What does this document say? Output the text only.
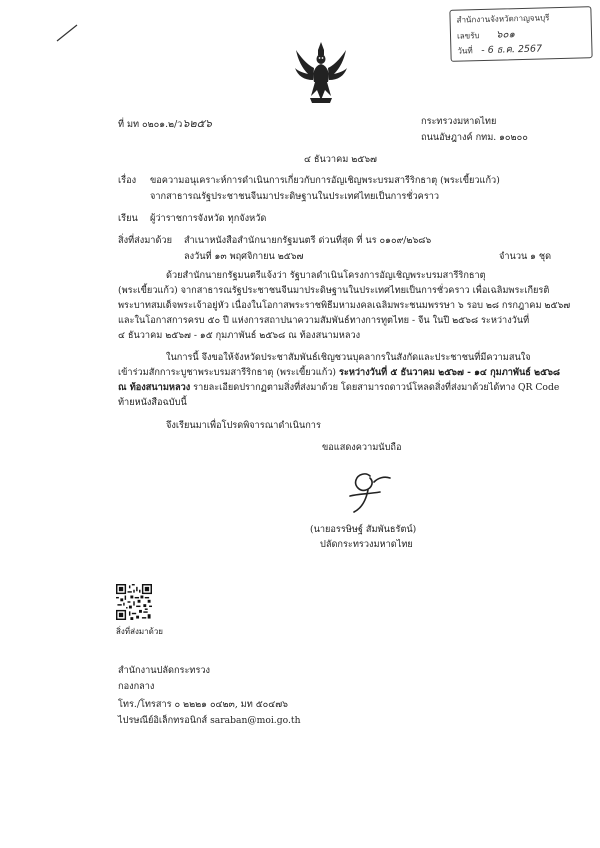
สำนักงานจังหวัดกาญจนบุรี
เลขรับ ๖๐๑
วันที่ - 6 ธ.ค. 2567
ที่ มท ๐๒๐๑.๒/ว๖๒๕๖	กระทรวงมหาดไทย
ถนนอัษฎางค์ กทม. ๑๐๒๐๐
๔ ธันวาคม ๒๕๖๗
เรื่อง ขอความอนุเคราะห์การดำเนินการเกี่ยวกับการอัญเชิญพระบรมสารีริกธาตุ (พระเขี้ยวแก้ว)
จากสาธารณรัฐประชาชนจีนมาประดิษฐานในประเทศไทยเป็นการชั่วคราว
เรียน ผู้ว่าราชการจังหวัด ทุกจังหวัด
สิ่งที่ส่งมาด้วย สำเนาหนังสือสำนักนายกรัฐมนตรี ด่วนที่สุด ที่ นร ๐๑๐๙/๒๖๘๖
ลงวันที่ ๑๓ พฤศจิกายน ๒๕๖๗	จำนวน ๑ ชุด
ด้วยสำนักนายกรัฐมนตรีแจ้งว่า รัฐบาลดำเนินโครงการอัญเชิญพระบรมสารีริกธาตุ
(พระเขี้ยวแก้ว) จากสาธารณรัฐประชาชนจีนมาประดิษฐานในประเทศไทยเป็นการชั่วคราว เพื่อเฉลิมพระเกียรติ
พระบาทสมเด็จพระเจ้าอยู่หัว เนื่องในโอกาสพระราชพิธีมหามงคลเฉลิมพระชนมพรรษา ๖ รอบ ๒๘ กรกฎาคม ๒๕๖๗
และในโอกาสการครบ ๕๐ ปี แห่งการสถาปนาความสัมพันธ์ทางการทูตไทย - จีน ในปี ๒๕๖๘ ระหว่างวันที่
๔ ธันวาคม ๒๕๖๗ - ๑๕ กุมภาพันธ์ ๒๕๖๘ ณ ท้องสนามหลวง
ในการนี้ จึงขอให้จังหวัดประชาสัมพันธ์เชิญชวนบุคลากรในสังกัดและประชาชนที่มีความสนใจ
เข้าร่วมสักการะบูชาพระบรมสารีริกธาตุ (พระเขี้ยวแก้ว) ระหว่างวันที่ ๕ ธันวาคม ๒๕๖๗ - ๑๔ กุมภาพันธ์ ๒๕๖๘
ณ ท้องสนามหลวง รายละเอียดปรากฏตามสิ่งที่ส่งมาด้วย โดยสามารถดาวน์โหลดสิ่งที่ส่งมาด้วยได้ทาง QR Code
ท้ายหนังสือฉบับนี้
จึงเรียนมาเพื่อโปรดพิจารณาดำเนินการ
ขอแสดงความนับถือ
(นายอรรษิษฐ์ สัมพันธรัตน์)
ปลัดกระทรวงมหาดไทย
สิ่งที่ส่งมาด้วย
สำนักงานปลัดกระทรวง
กองกลาง
โทร./โทรสาร ๐ ๒๒๒๑ ๐๔๒๓, มท ๕๐๔๗๖
ไปรษณีย์อิเล็กทรอนิกส์ saraban@moi.go.th
